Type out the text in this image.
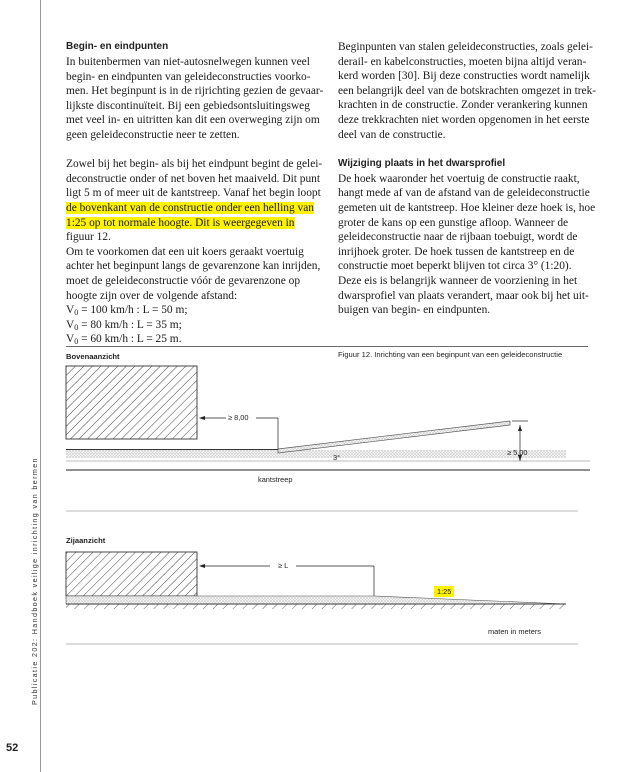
Publicatie 202: Handboek veilige inrichting van bermen
52
Begin- en eindpunten

In buitenbermen van niet-autosnelwegen kunnen veel
begin- en eindpunten van geleideconstructies voorko-
men. Het beginpunt is in de rijrichting gezien de gevaar-
lijkste discontinuïteit. Bij een gebiedsontsluitingsweg
met veel in- en uitritten kan dit een overweging zijn om
geen geleideconstructie neer te zetten.

Zowel bij het begin- als bij het eindpunt begint de gelei-
deconstructie onder of net boven het maaiveld. Dit punt
ligt 5 m of meer uit de kantstreep. Vanaf het begin loopt
de bovenkant van de constructie onder een helling van
1:25 op tot normale hoogte. Dit is weergegeven in
figuur 12.

Om te voorkomen dat een uit koers geraakt voertuig
achter het beginpunt langs de gevarenzone kan inrijden,
moet de geleideconstructie vóór de gevarenzone op
hoogte zijn over de volgende afstand:

$V_0 = 100$ km/h : L = 50 m;
$V_0 = 80$ km/h : L = 35 m;
$V_0 = 60$ km/h : L = 25 m.

Beginpunten van stalen geleideconstructies, zoals gelei-
derail- en kabelconstructies, moeten bijna altijd veran-
kerd worden [30]. Bij deze constructies wordt namelijk
een belangrijk deel van de botskrachten omgezet in trek-
krachten in de constructie. Zonder verankering kunnen
deze trekkrachten niet worden opgenomen in het eerste
deel van de constructie.

Wijziging plaats in het dwarsprofiel

De hoek waaronder het voertuig de constructie raakt,
hangt mede af van de afstand van de geleideconstructie
gemeten uit de kantstreep. Hoe kleiner deze hoek is, hoe
groter de kans op een gunstige afloop. Wanneer de
geleideconstructie naar de rijbaan toebuigt, wordt de
inrijhoek groter. De hoek tussen de kantstreep en de
constructie moet beperkt blijven tot circa 3° (1:20).
Deze eis is belangrijk wanneer de voorziening in het
dwarsprofiel van plaats verandert, maar ook bij het uit-
buigen van begin- en eindpunten.

Bovenaanzicht	Figuur 12. Inrichting van een beginpunt van een geleideconstructie
≥ 8,00
≥ 5,00
3°
kantstreep
Zijaanzicht
≥ L
1:25
maten in meters
